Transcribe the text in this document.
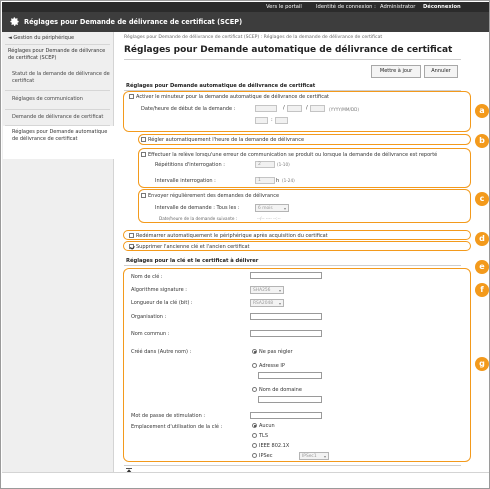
Vers le portail	Identité de connexion : Administrator Déconnexion
Réglages pour Demande de délivrance de certificat (SCEP)
◄ Gestion du périphérique
Réglages pour Demande de délivrance de certificat (SCEP)
Statut de la demande de délivrance de certificat
Réglages de communication
Demande de délivrance de certificat
Réglages pour Demande automatique de délivrance de certificat
Réglages pour Demande de délivrance de certificat (SCEP) : Réglages de la demande de délivrance de certificat
Réglages pour Demande automatique de délivrance de certificat
Mettre à jour	Annuler
Réglages pour Demande automatique de délivrance de certificat
Activer le minuteur pour la demande automatique de délivrance de certificat
Date/heure de début de la demande :	/	/	(YYYY/MM/DD)
:
a
Régler automatiquement l'heure de la demande de délivrance	b
Effectuer la relève lorsqu'une erreur de communication se produit ou lorsque la demande de délivrance est reporté
Répétitions d'interrogation :	2	(1-10)
Intervalle interrogation :	1	h (1-24)
c
Envoyer régulièrement des demandes de délivrance
Intervalle de demande : Tous les :	6 mois	▾
Date/heure de la demande suivante :	--/-- ---- --:--
d
Redémarrer automatiquement le périphérique après acquisition du certificat
e
Supprimer l'ancienne clé et l'ancien certificat
f
Réglages pour la clé et le certificat à délivrer
Nom de clé :
Algorithme signature :	SHA256 ▾
Longueur de la clé (bit) :	RSA2048 ▾
Organisation :
Nom commun :
Créé dans (Autre nom) :	Ne pas régler
Adresse IP
Nom de domaine
Mot de passe de stimulation :
Emplacement d'utilisation de la clé :	Aucun
TLS
IEEE 802.1X
IPSec	IPSec1 ▾
g
